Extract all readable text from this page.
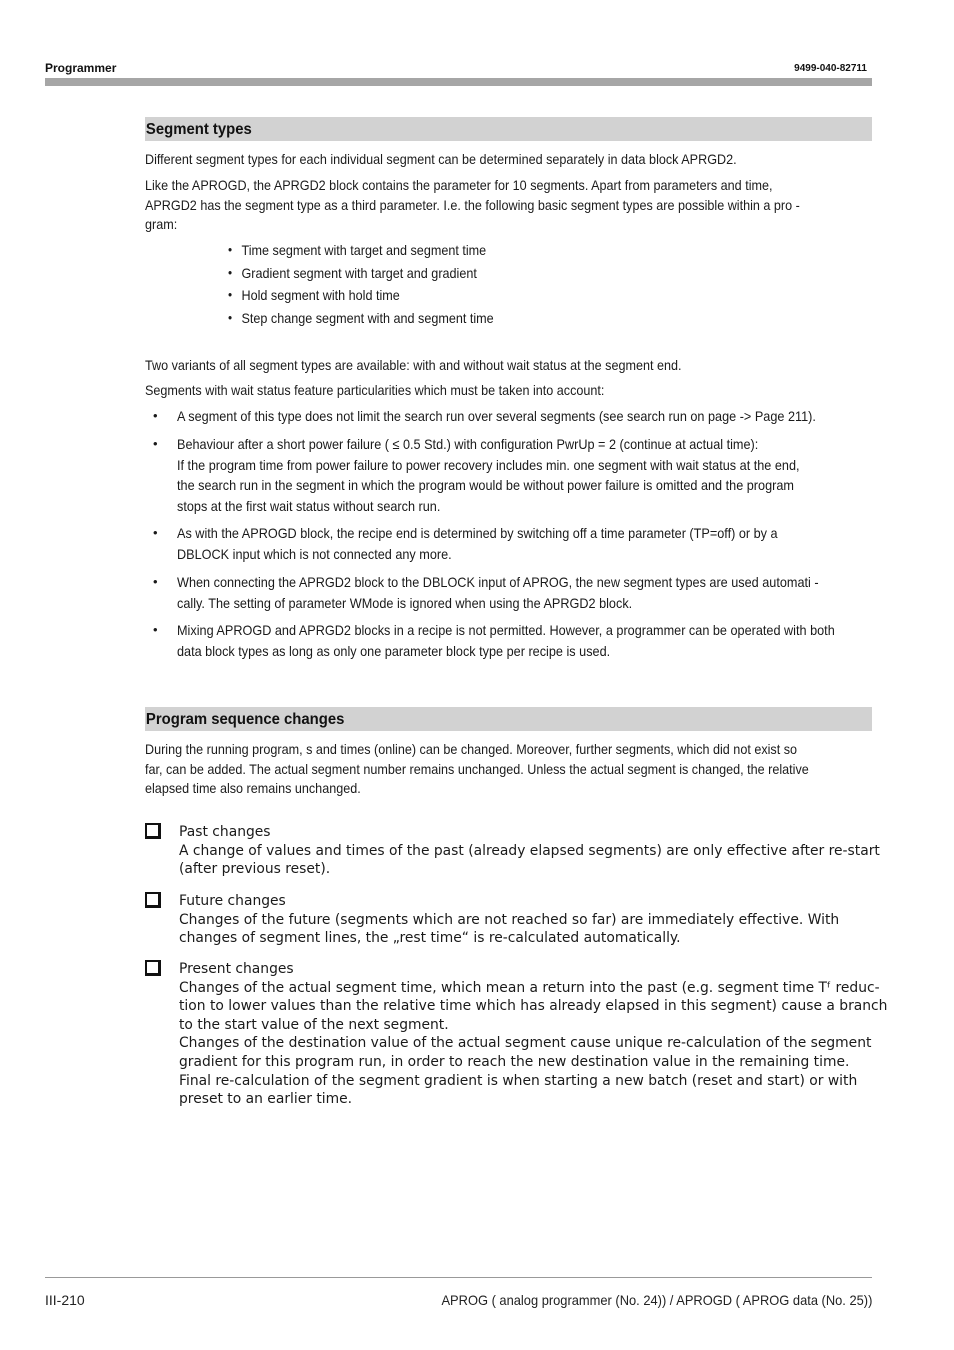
Programmer	9499-040-82711
Segment types
Different segment types for each individual segment can be determined separately in data block APRGD2.
Like the APROGD, the APRGD2 block contains the parameter for 10 segments. Apart from parameters and time,
APRGD2 has the segment type as a third parameter. I.e. the following basic segment types are possible within a pro -
gram:
• Time segment with target and segment time
• Gradient segment with target and gradient
• Hold segment with hold time
• Step change segment with and segment time
Two variants of all segment types are available: with and without wait status at the segment end.
Segments with wait status feature particularities which must be taken into account:
• A segment of this type does not limit the search run over several segments (see search run on page -> Page 211).
• Behaviour after a short power failure ( ≤ 0.5 Std.) with configuration PwrUp = 2 (continue at actual time):
If the program time from power failure to power recovery includes min. one segment with wait status at the end,
the search run in the segment in which the program would be without power failure is omitted and the program
stops at the first wait status without search run.
• As with the APROGD block, the recipe end is determined by switching off a time parameter (TP=off) or by a
DBLOCK input which is not connected any more.
• When connecting the APRGD2 block to the DBLOCK input of APROG, the new segment types are used automati -
cally. The setting of parameter WMode is ignored when using the APRGD2 block.
• Mixing APROGD and APRGD2 blocks in a recipe is not permitted. However, a programmer can be operated with both
data block types as long as only one parameter block type per recipe is used.
Program sequence changes
During the running program, s and times (online) can be changed. Moreover, further segments, which did not exist so
far, can be added. The actual segment number remains unchanged. Unless the actual segment is changed, the relative
elapsed time also remains unchanged.
Past changes
A change of values and times of the past (already elapsed segments) are only effective after re-start
(after previous reset).
Future changes
Changes of the future (segments which are not reached so far) are immediately effective. With
changes of segment lines, the „rest time“ is re-calculated automatically.
Present changes
Changes of the actual segment time, which mean a return into the past (e.g. segment time Tᶠ reduc-
tion to lower values than the relative time which has already elapsed in this segment) cause a branch
to the start value of the next segment.
Changes of the destination value of the actual segment cause unique re-calculation of the segment
gradient for this program run, in order to reach the new destination value in the remaining time.
Final re-calculation of the segment gradient is when starting a new batch (reset and start) or with
preset to an earlier time.
III-210	APROG ( analog programmer (No. 24)) / APROGD ( APROG data (No. 25))
